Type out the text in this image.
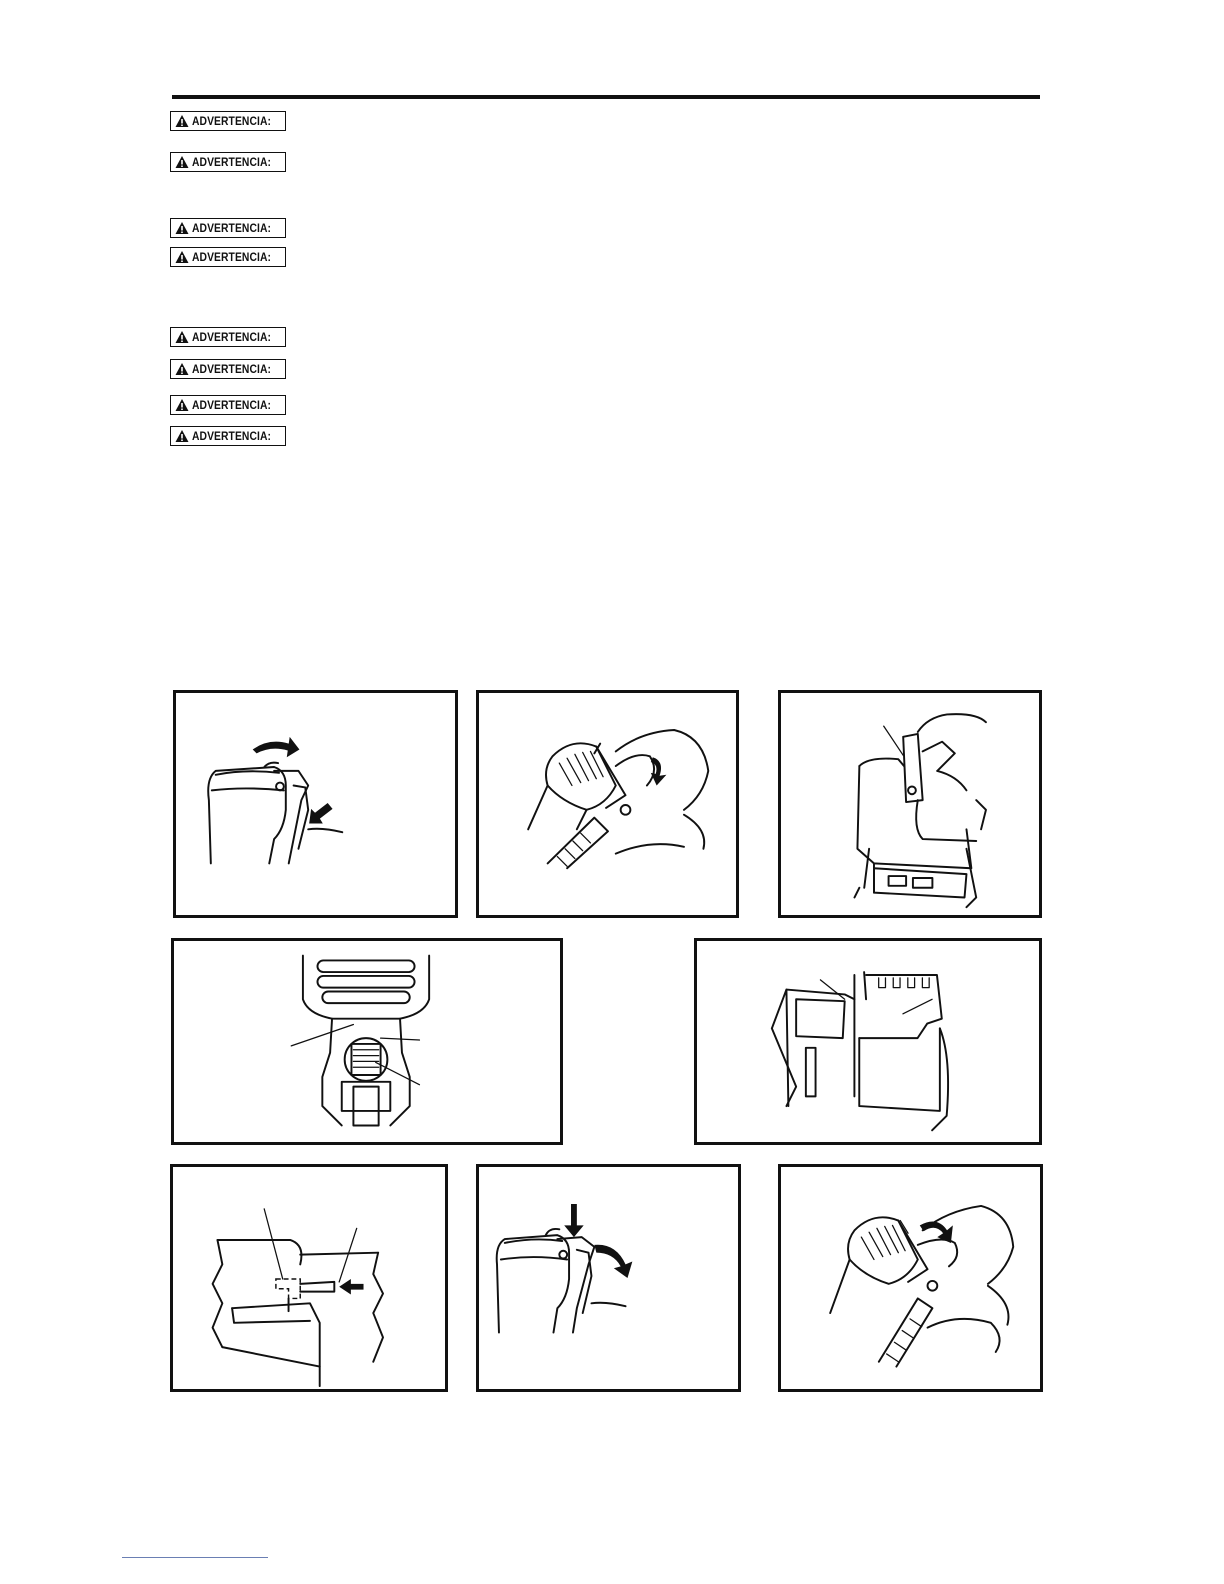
ADVERTENCIA:
ADVERTENCIA:
ADVERTENCIA:
ADVERTENCIA:
ADVERTENCIA:
ADVERTENCIA:
ADVERTENCIA:
ADVERTENCIA:
